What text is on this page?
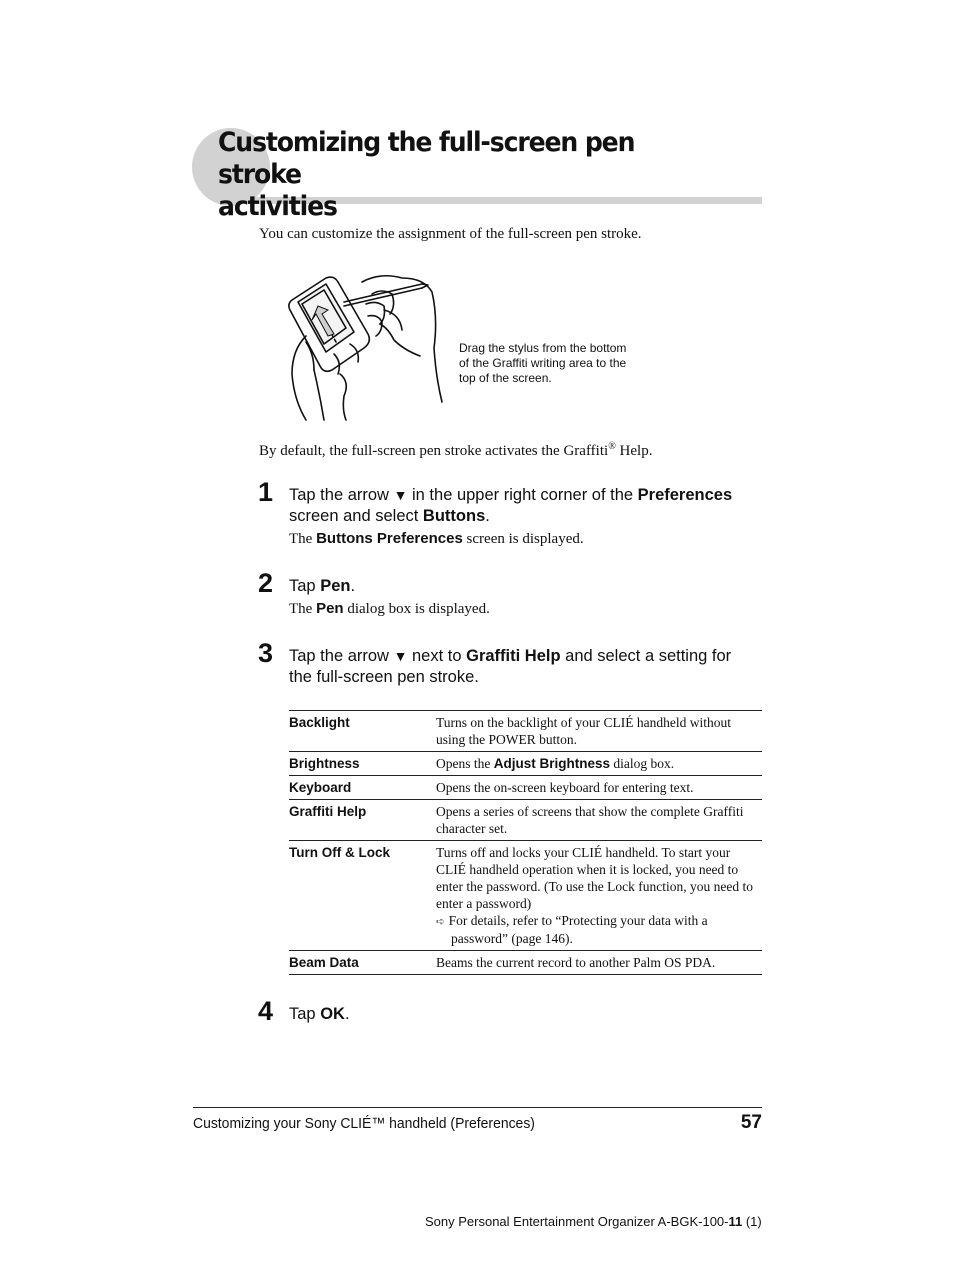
Customizing the full-screen pen stroke
activities
You can customize the assignment of the full-screen pen stroke.
Drag the stylus from the bottom
of the Graffiti writing area to the
top of the screen.
By default, the full-screen pen stroke activates the Graffiti® Help.
1 Tap the arrow ▼ in the upper right corner of the Preferences
screen and select Buttons.
The Buttons Preferences screen is displayed.
2 Tap Pen.
The Pen dialog box is displayed.
3 Tap the arrow ▼ next to Graffiti Help and select a setting for
the full-screen pen stroke.
Backlight	Turns on the backlight of your CLIÉ handheld without using the POWER button.
Brightness	Opens the Adjust Brightness dialog box.
Keyboard	Opens the on-screen keyboard for entering text.
Graffiti Help	Opens a series of screens that show the complete Graffiti character set.
Turn Off & Lock	Turns off and locks your CLIÉ handheld. To start your CLIÉ handheld operation when it is locked, you need to enter the password. (To use the Lock function, you need to enter a password)
➪ For details, refer to “Protecting your data with a password” (page 146).

Beam Data	Beams the current record to another Palm OS PDA.
4 Tap OK.
Customizing your Sony CLIÉ™ handheld (Preferences)	57
Sony Personal Entertainment Organizer A-BGK-100-11 (1)
